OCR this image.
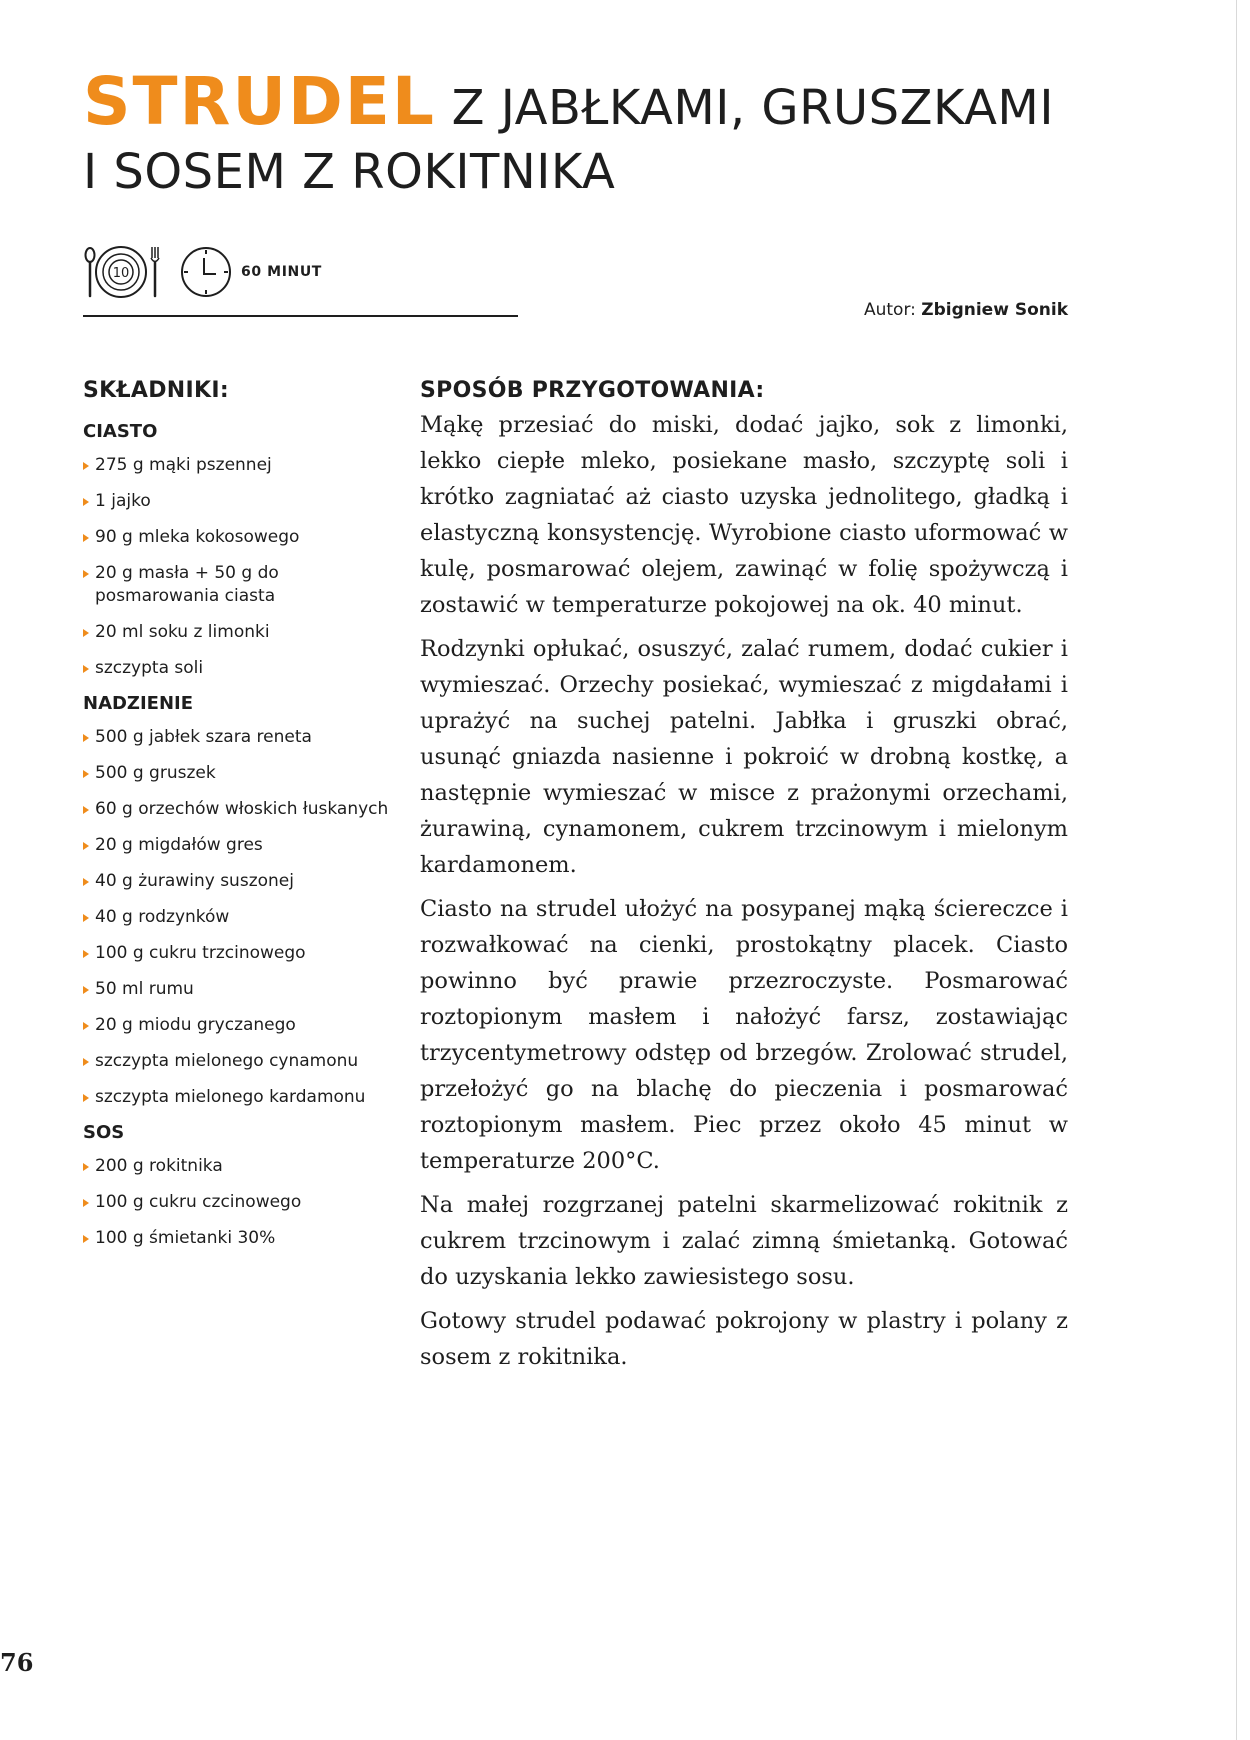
STRUDEL Z JABŁKAMI, GRUSZKAMI
I SOSEM Z ROKITNIKA
10	60 MINUT
Autor: Zbigniew Sonik
SKŁADNIKI:
CIASTO
275 g mąki pszennej
1 jajko
90 g mleka kokosowego
20 g masła + 50 g do posmarowania ciasta
20 ml soku z limonki
szczypta soli
NADZIENIE
500 g jabłek szara reneta
500 g gruszek
60 g orzechów włoskich łuskanych
20 g migdałów gres
40 g żurawiny suszonej
40 g rodzynków
100 g cukru trzcinowego
50 ml rumu
20 g miodu gryczanego
szczypta mielonego cynamonu
szczypta mielonego kardamonu
SOS
200 g rokitnika
100 g cukru czcinowego
100 g śmietanki 30%
SPOSÓB PRZYGOTOWANIA:

Mąkę przesiać do miski, dodać jajko, sok z limonki, lekko ciepłe mleko, posiekane masło, szczyptę soli i krótko zagniatać aż ciasto uzyska jednolitego, gładką i elastyczną konsystencję. Wyrobione ciasto uformować w kulę, posmarować olejem, zawinąć w folię spożywczą i zostawić w temperaturze pokojowej na ok. 40 minut.

Rodzynki opłukać, osuszyć, zalać rumem, dodać cukier i wymieszać. Orzechy posiekać, wymieszać z migdałami i uprażyć na suchej patelni. Jabłka i gruszki obrać, usunąć gniazda nasienne i pokroić w drobną kostkę, a następnie wymieszać w misce z prażonymi orzechami, żurawiną, cynamonem, cukrem trzcinowym i mielonym kardamonem.

Ciasto na strudel ułożyć na posypanej mąką ściereczce i rozwałkować na cienki, prostokątny placek. Ciasto powinno być prawie przezroczyste. Posmarować roztopionym masłem i nałożyć farsz, zostawiając trzycentymetrowy odstęp od brzegów. Zrolować strudel, przełożyć go na blachę do pieczenia i posmarować roztopionym masłem. Piec przez około 45 minut w temperaturze 200°C.

Na małej rozgrzanej patelni skarmelizować rokitnik z cukrem trzcinowym i zalać zimną śmietanką. Gotować do uzyskania lekko zawiesistego sosu.

Gotowy strudel podawać pokrojony w plastry i polany z sosem z rokitnika.

76
